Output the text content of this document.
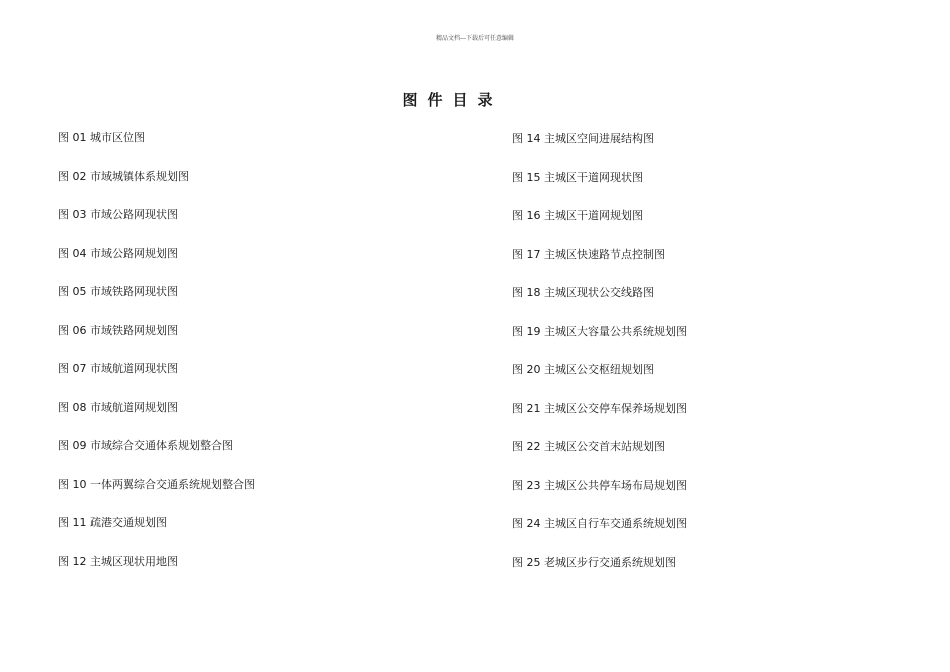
精品文档---下载后可任意编辑
图件目录
图 01 城市区位图
图 02 市域城镇体系规划图
图 03 市域公路网现状图
图 04 市域公路网规划图
图 05 市域铁路网现状图
图 06 市域铁路网规划图
图 07 市域航道网现状图
图 08 市域航道网规划图
图 09 市域综合交通体系规划整合图
图 10 一体两翼综合交通系统规划整合图
图 11 疏港交通规划图
图 12 主城区现状用地图
图 14 主城区空间进展结构图
图 15 主城区干道网现状图
图 16 主城区干道网规划图
图 17 主城区快速路节点控制图
图 18 主城区现状公交线路图
图 19 主城区大容量公共系统规划图
图 20 主城区公交枢纽规划图
图 21 主城区公交停车保养场规划图
图 22 主城区公交首末站规划图
图 23 主城区公共停车场布局规划图
图 24 主城区自行车交通系统规划图
图 25 老城区步行交通系统规划图
